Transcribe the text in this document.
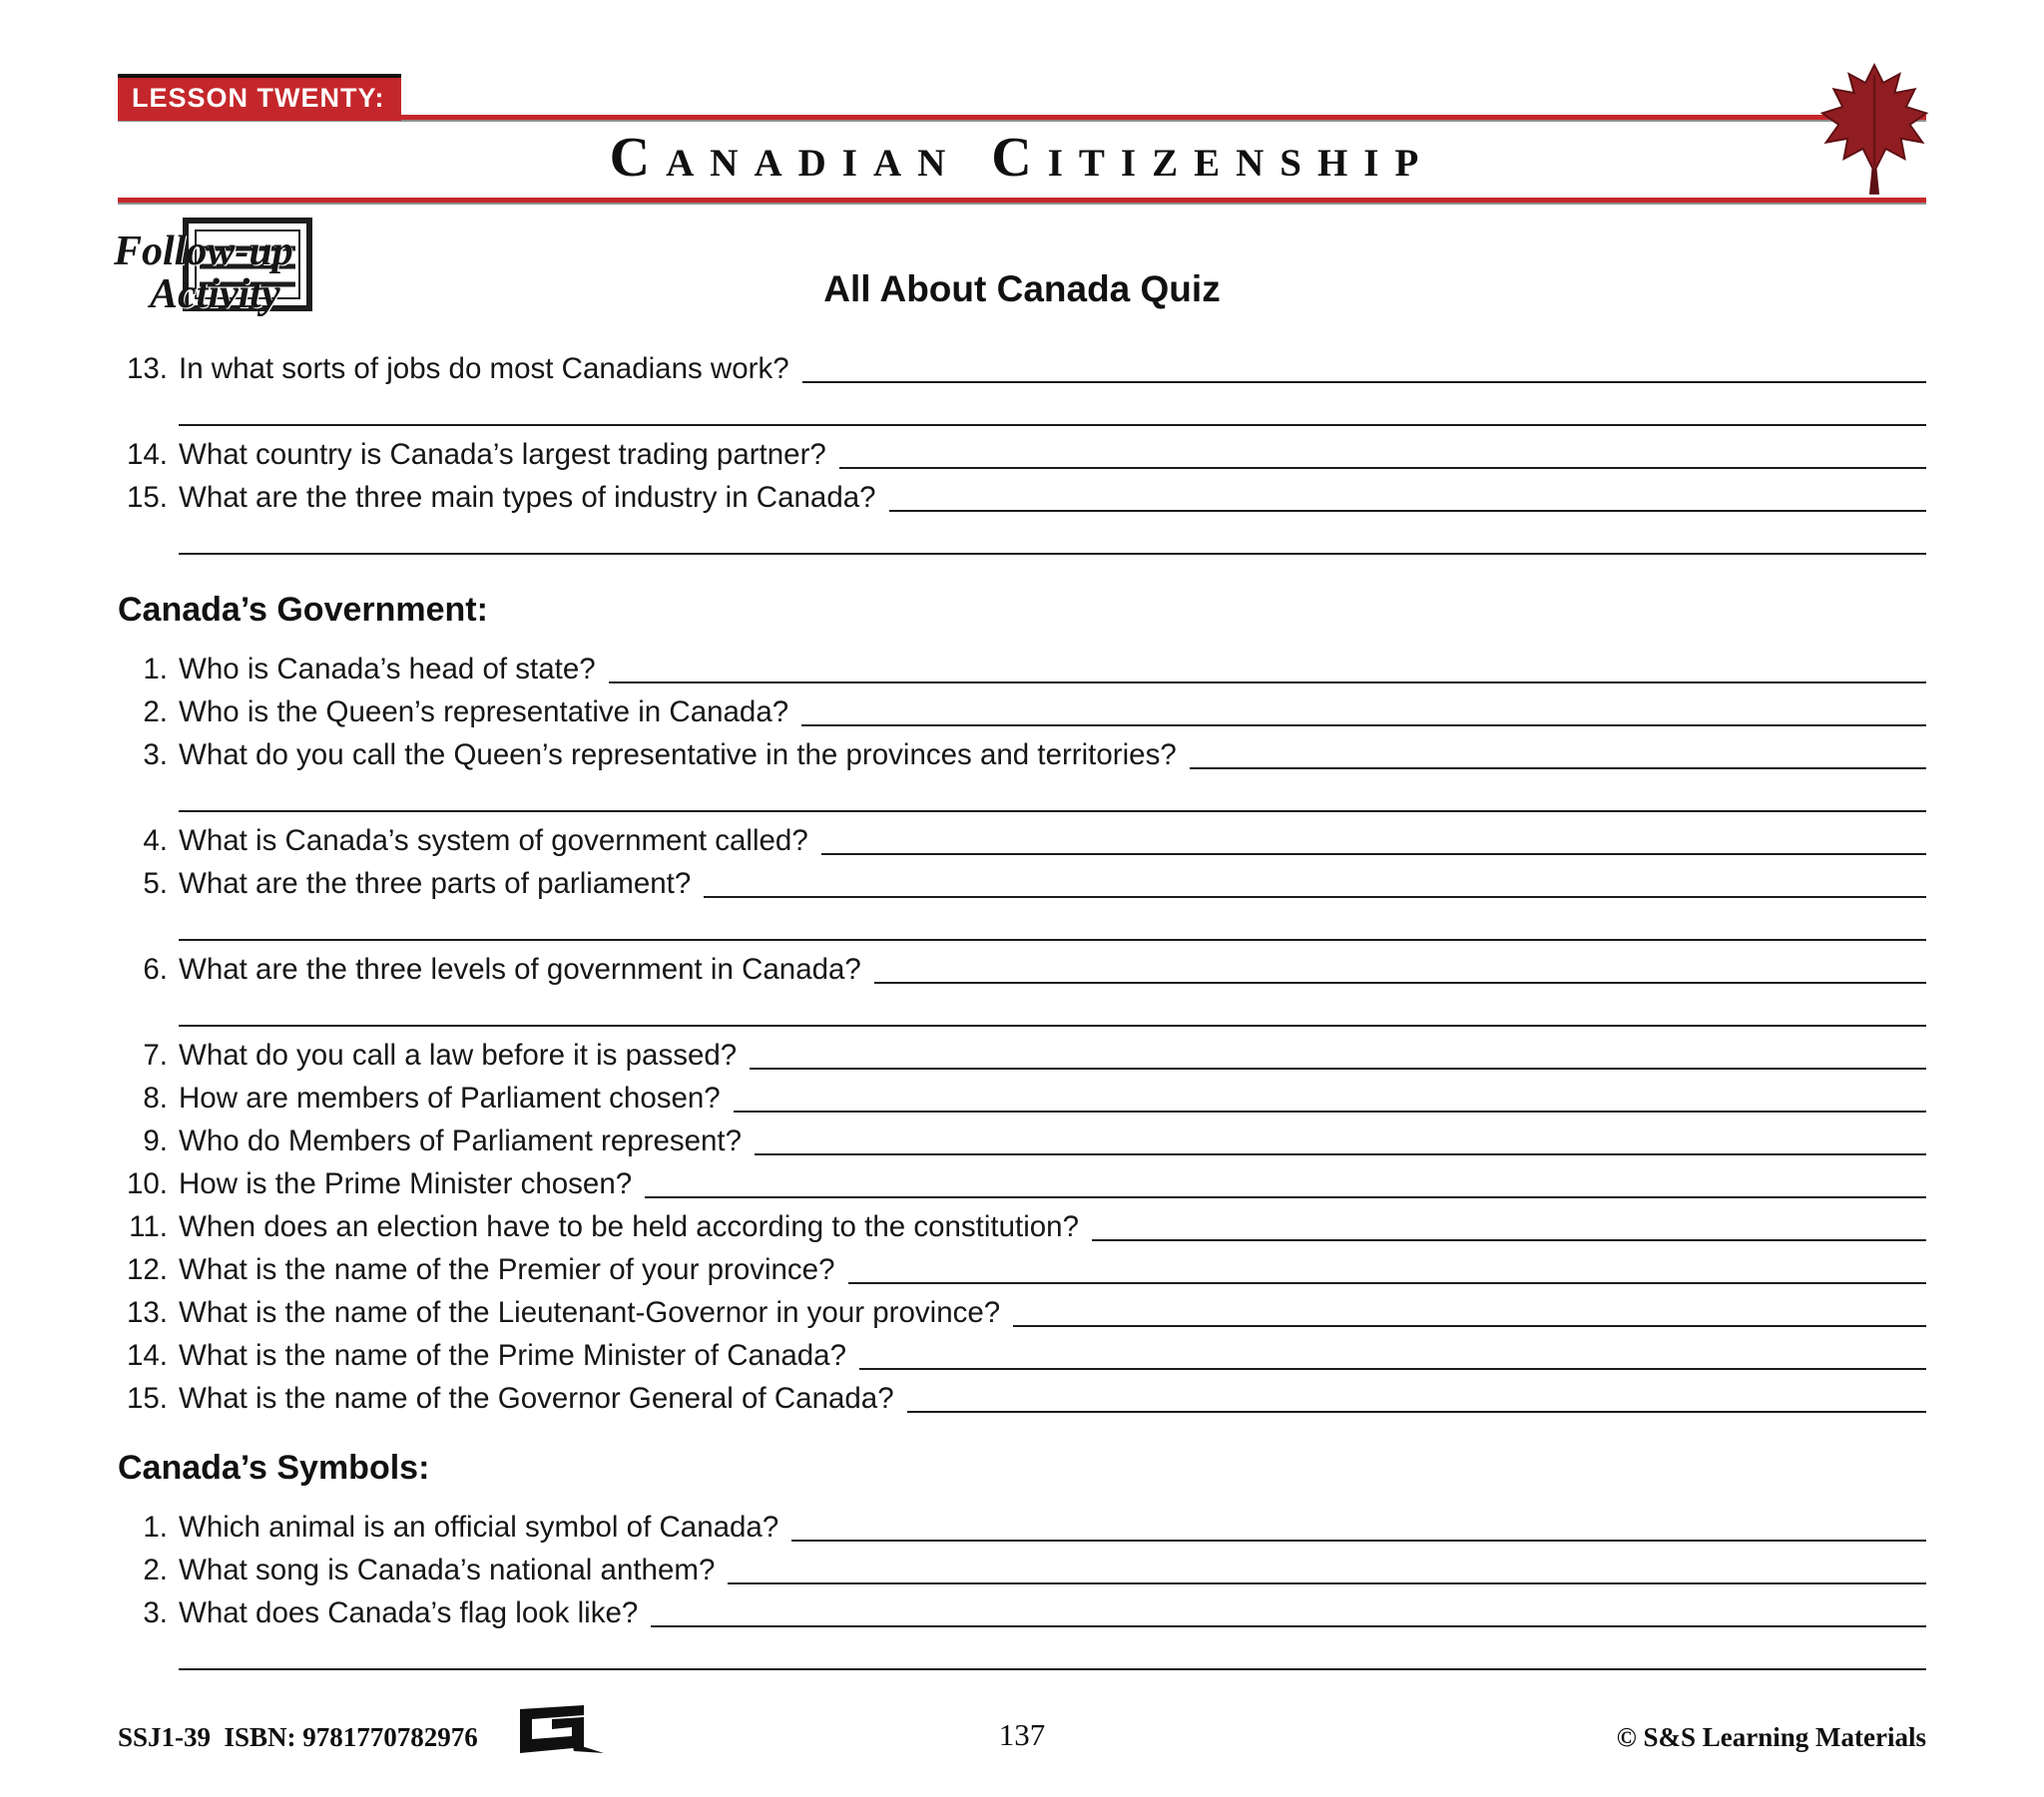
LESSON TWENTY:
Canadian Citizenship
Follow-up
Activity	All About Canada Quiz
13. In what sorts of jobs do most Canadians work?
14. What country is Canada’s largest trading partner?
15. What are the three main types of industry in Canada?
Canada’s Government:
1. Who is Canada’s head of state?
2. Who is the Queen’s representative in Canada?
3. What do you call the Queen’s representative in the provinces and territories?
4. What is Canada’s system of government called?
5. What are the three parts of parliament?
6. What are the three levels of government in Canada?
7. What do you call a law before it is passed?
8. How are members of Parliament chosen?
9. Who do Members of Parliament represent?
10. How is the Prime Minister chosen?
11. When does an election have to be held according to the constitution?
12. What is the name of the Premier of your province?
13. What is the name of the Lieutenant-Governor in your province?
14. What is the name of the Prime Minister of Canada?
15. What is the name of the Governor General of Canada?
Canada’s Symbols:
1. Which animal is an official symbol of Canada?
2. What song is Canada’s national anthem?
3. What does Canada’s flag look like?
SSJ1-39  ISBN: 9781770782976	137	© S&S Learning Materials
